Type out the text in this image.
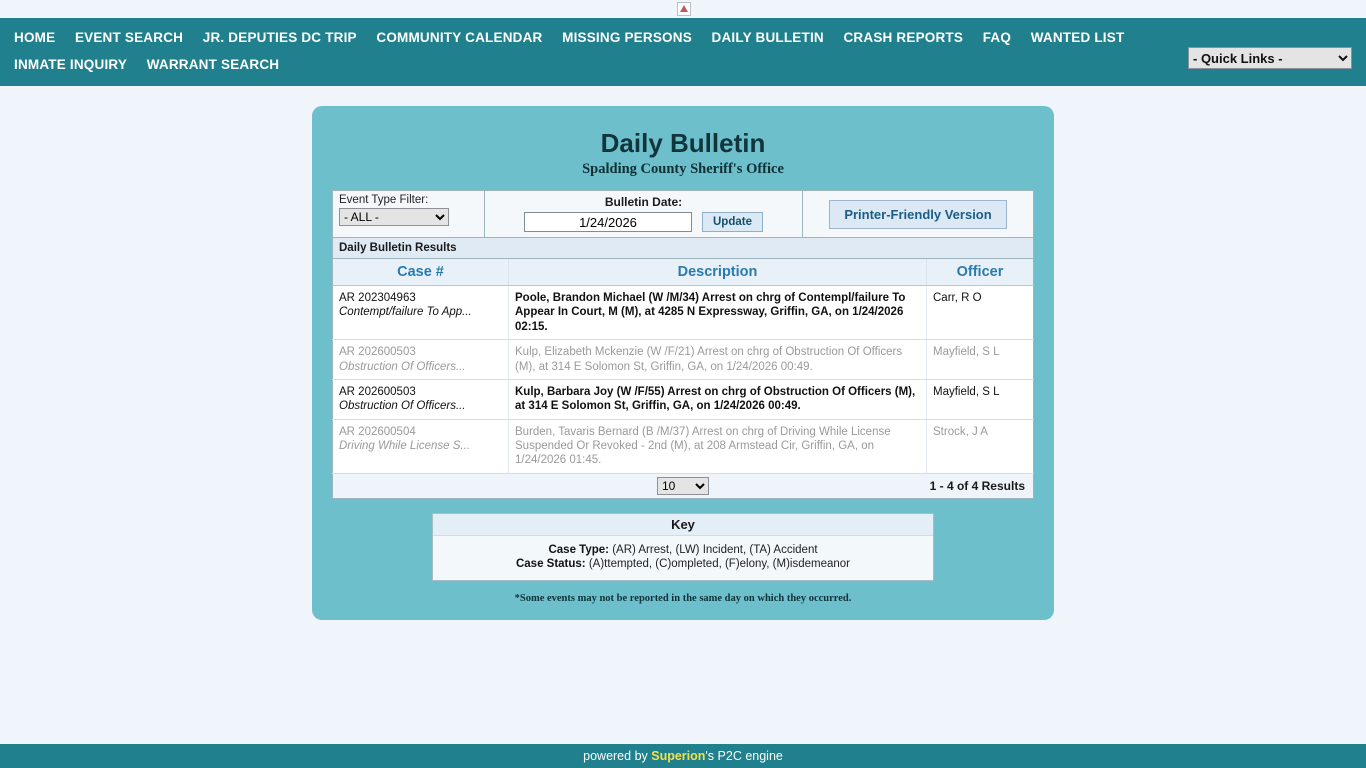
HOME EVENT SEARCH JR. DEPUTIES DC TRIP COMMUNITY CALENDAR MISSING PERSONS DAILY BULLETIN CRASH REPORTS FAQ WANTED LIST INMATE INQUIRY WARRANT SEARCH
- Quick Links -
Daily Bulletin
Spalding County Sheriff's Office
Event Type Filter:
- ALL -	Bulletin Date:
1/24/2026
Update
Printer-Friendly Version
Daily Bulletin Results
Case #	Description	Officer

AR 202304963
Contempt/failure To App...	Poole, Brandon Michael (W /M/34) Arrest on chrg of Contempl/failure To Appear In Court, M (M), at 4285 N Expressway, Griffin, GA, on 1/24/2026 02:15.	Carr, R O

AR 202600503
Obstruction Of Officers...	Kulp, Elizabeth Mckenzie (W /F/21) Arrest on chrg of Obstruction Of Officers (M), at 314 E Solomon St, Griffin, GA, on 1/24/2026 00:49.	Mayfield, S L

AR 202600503
Obstruction Of Officers...	Kulp, Barbara Joy (W /F/55) Arrest on chrg of Obstruction Of Officers (M), at 314 E Solomon St, Griffin, GA, on 1/24/2026 00:49.	Mayfield, S L

AR 202600504
Driving While License S...	Burden, Tavaris Bernard (B /M/37) Arrest on chrg of Driving While License Suspended Or Revoked - 2nd (M), at 208 Armstead Cir, Griffin, GA, on 1/24/2026 01:45.	Strock, J A
10
1 - 4 of 4 Results
Key
Case Type: (AR) Arrest, (LW) Incident, (TA) Accident
Case Status: (A)ttempted, (C)ompleted, (F)elony, (M)isdemeanor
*Some events may not be reported in the same day on which they occurred.
powered by Superion's P2C engine
